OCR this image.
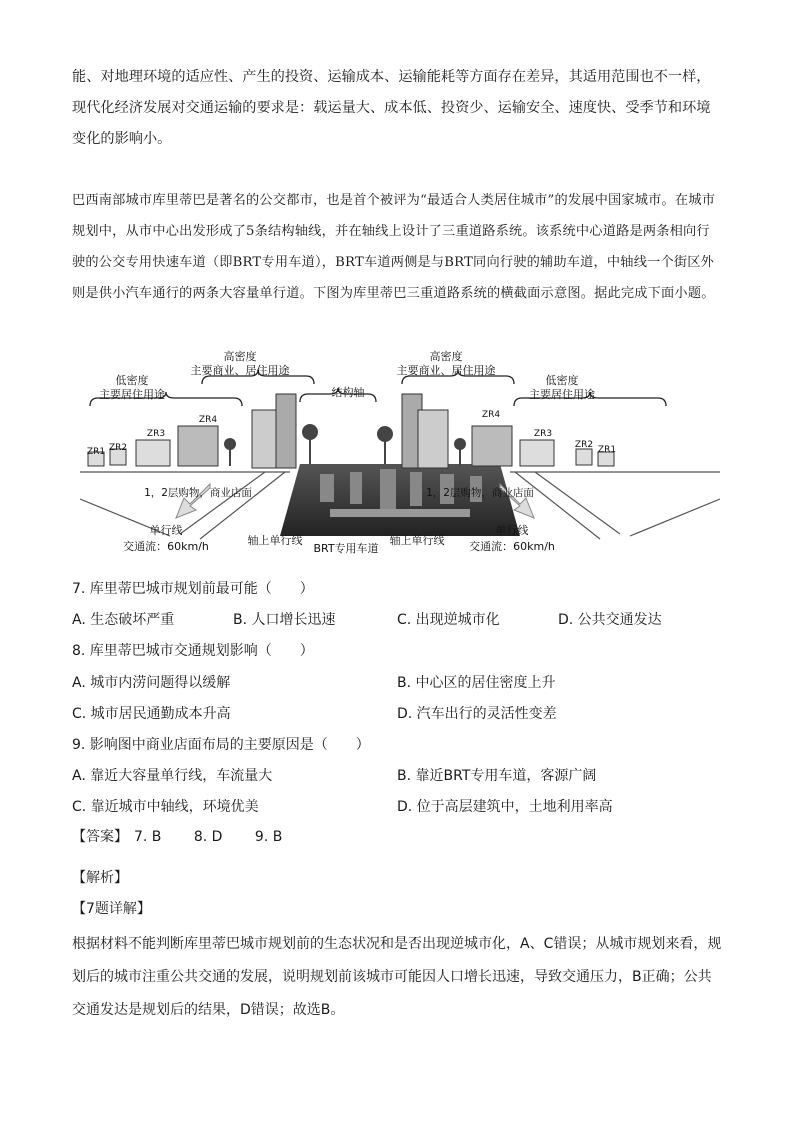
能、对地理环境的适应性、产生的投资、运输成本、运输能耗等方面存在差异，其适用范围也不一样，现代化经济发展对交通运输的要求是：载运量大、成本低、投资少、运输安全、速度快、受季节和环境变化的影响小。

巴西南部城市库里蒂巴是著名的公交都市，也是首个被评为“最适合人类居住城市”的发展中国家城市。在城市规划中，从市中心出发形成了5条结构轴线，并在轴线上设计了三重道路系统。该系统中心道路是两条相向行驶的公交专用快速车道（即BRT专用车道），BRT车道两侧是与BRT同向行驶的辅助车道，中轴线一个街区外则是供小汽车通行的两条大容量单行道。下图为库里蒂巴三重道路系统的横截面示意图。据此完成下面小题。

低密度
主要居住用途
高密度
主要商业、居住用途
结构轴
高密度
主要商业、居住用途
低密度
主要居住用途
ZR1 ZR2
ZR3
ZR4	ZR4
ZR3
ZR2 ZR1
1，2层购物，商业店面	1，2层购物，商业店面
单行线
交通流：60km/h	轴上单行线
BRT专用车道
轴上单行线
单行线
交通流：60km/h
7. 库里蒂巴城市规划前最可能（　　）
A. 生态破坏严重	B. 人口增长迅速	C. 出现逆城市化	D. 公共交通发达
8. 库里蒂巴城市交通规划影响（　　）
A. 城市内涝问题得以缓解	B. 中心区的居住密度上升
C. 城市居民通勤成本升高	D. 汽车出行的灵活性变差
9. 影响图中商业店面布局的主要原因是（　　）
A. 靠近大容量单行线，车流量大	B. 靠近BRT专用车道，客源广阔
C. 靠近城市中轴线，环境优美	D. 位于高层建筑中，土地利用率高
【答案】 7. B 8. D 9. B
【解析】
【7题详解】

根据材料不能判断库里蒂巴城市规划前的生态状况和是否出现逆城市化，A、C错误；从城市规划来看，规划后的城市注重公共交通的发展，说明规划前该城市可能因人口增长迅速，导致交通压力，B正确；公共交通发达是规划后的结果，D错误；故选B。
